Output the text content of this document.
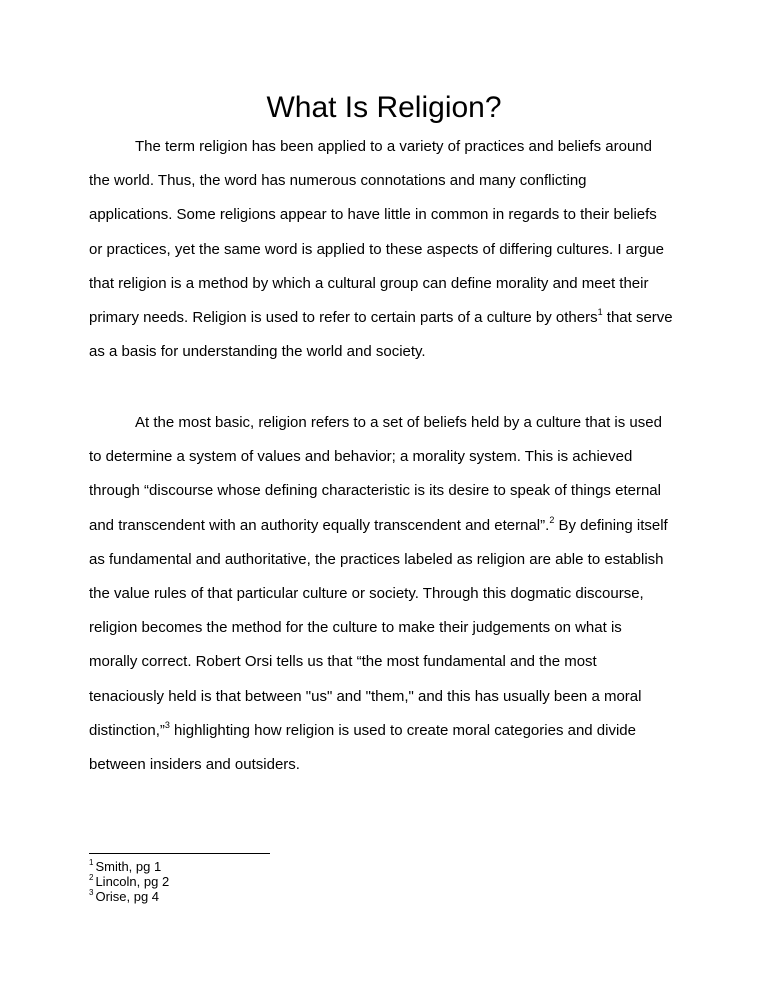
What Is Religion?

The term religion has been applied to a variety of practices and beliefs around
the world. Thus, the word has numerous connotations and many conflicting
applications. Some religions appear to have little in common in regards to their beliefs
or practices, yet the same word is applied to these aspects of differing cultures. I argue
that religion is a method by which a cultural group can define morality and meet their
primary needs. Religion is used to refer to certain parts of a culture by others$^1$ that serve
as a basis for understanding the world and society.

At the most basic, religion refers to a set of beliefs held by a culture that is used
to determine a system of values and behavior; a morality system. This is achieved
through “discourse whose defining characteristic is its desire to speak of things eternal
and transcendent with an authority equally transcendent and eternal”.$^2$ By defining itself
as fundamental and authoritative, the practices labeled as religion are able to establish
the value rules of that particular culture or society. Through this dogmatic discourse,
religion becomes the method for the culture to make their judgements on what is
morally correct. Robert Orsi tells us that “the most fundamental and the most
tenaciously held is that between "us" and "them," and this has usually been a moral
distinction,”$^3$ highlighting how religion is used to create moral categories and divide
between insiders and outsiders.

$^1$ Smith, pg 1
$^2$ Lincoln, pg 2
$^3$ Orise, pg 4
